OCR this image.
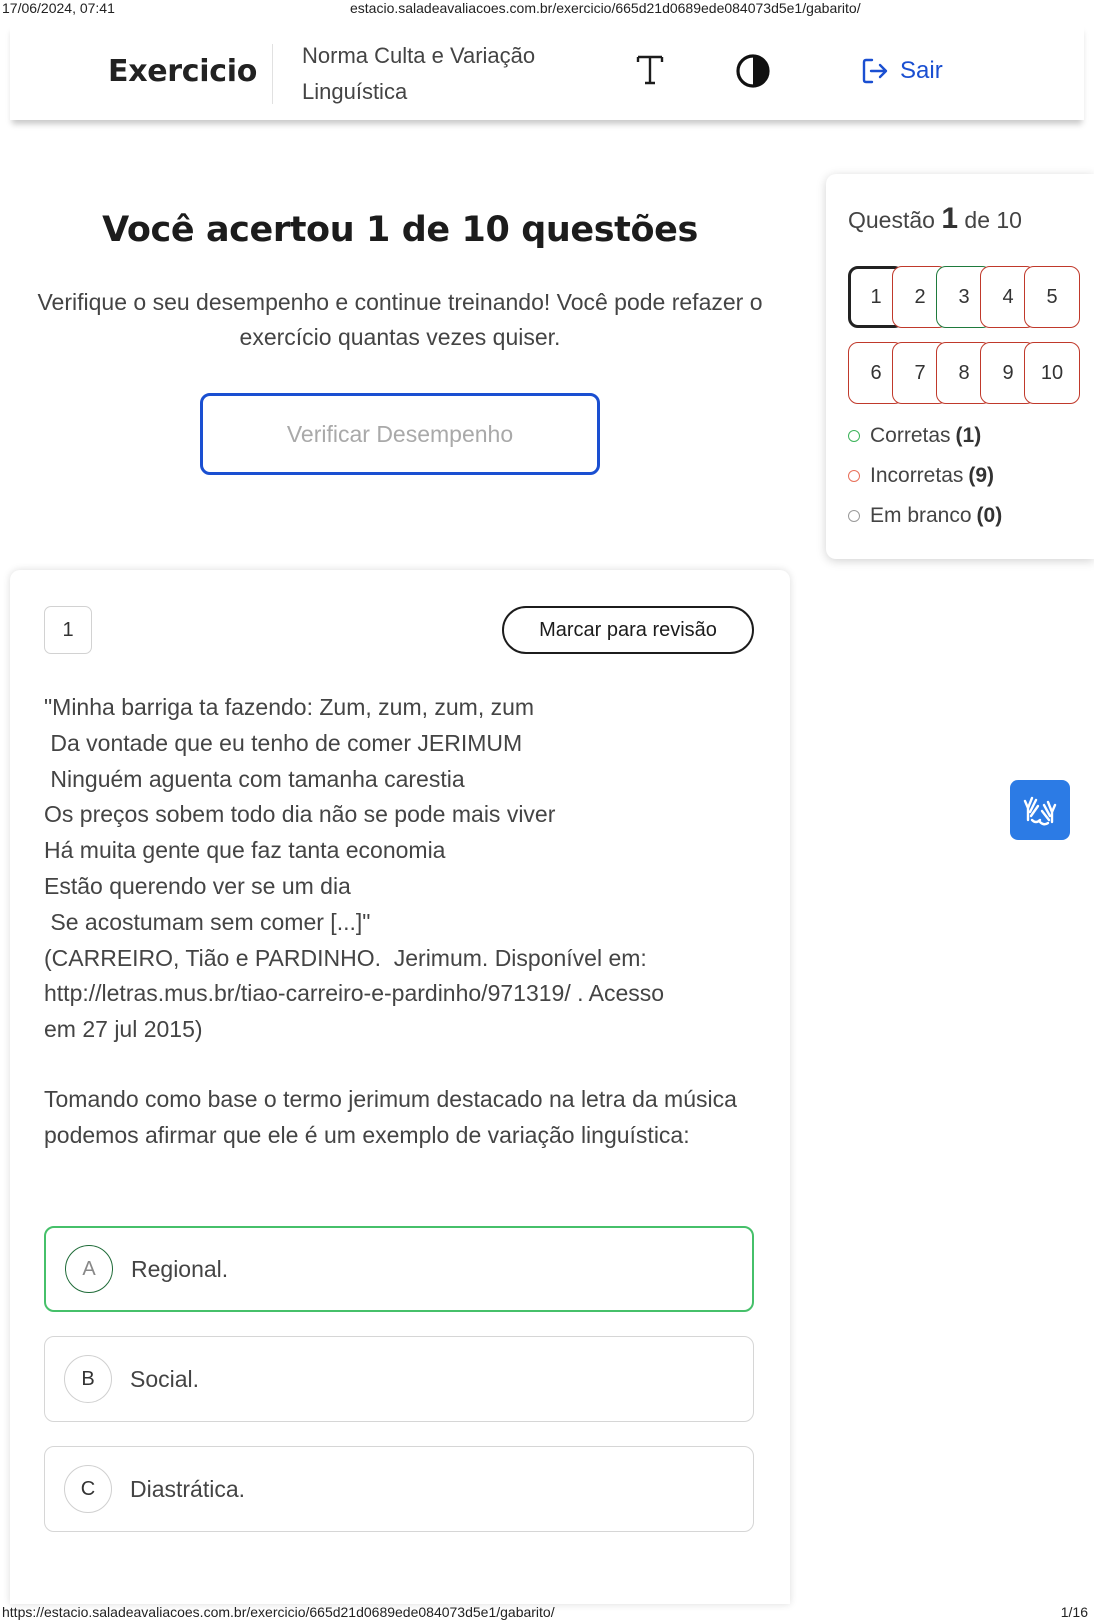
17/06/2024, 07:41	estacio.saladeavaliacoes.com.br/exercicio/665d21d0689ede084073d5e1/gabarito/
Exercicio Norma Culta e Variação Linguística
Sair
Você acertou 1 de 10 questões
Verifique o seu desempenho e continue treinando! Você pode refazer o exercício quantas vezes quiser.
Verificar Desempenho
Questão 1 de 10
1	2	3	4	5
6	7	8	9	10
Corretas (1)
Incorretas (9)
Em branco (0)
1	Marcar para revisão
"Minha barriga ta fazendo: Zum, zum, zum, zum
Da vontade que eu tenho de comer JERIMUM
Ninguém aguenta com tamanha carestia
Os preços sobem todo dia não se pode mais viver
Há muita gente que faz tanta economia
Estão querendo ver se um dia
Se acostumam sem comer [...]"
(CARREIRO, Tião e PARDINHO.  Jerimum. Disponível em:
http://letras.mus.br/tiao-carreiro-e-pardinho/971319/ . Acesso
em 27 jul 2015)
Tomando como base o termo jerimum destacado na letra da música podemos afirmar que ele é um exemplo de variação linguística:
A	Regional.
B	Social.
C	Diastrática.
https://estacio.saladeavaliacoes.com.br/exercicio/665d21d0689ede084073d5e1/gabarito/	1/16
